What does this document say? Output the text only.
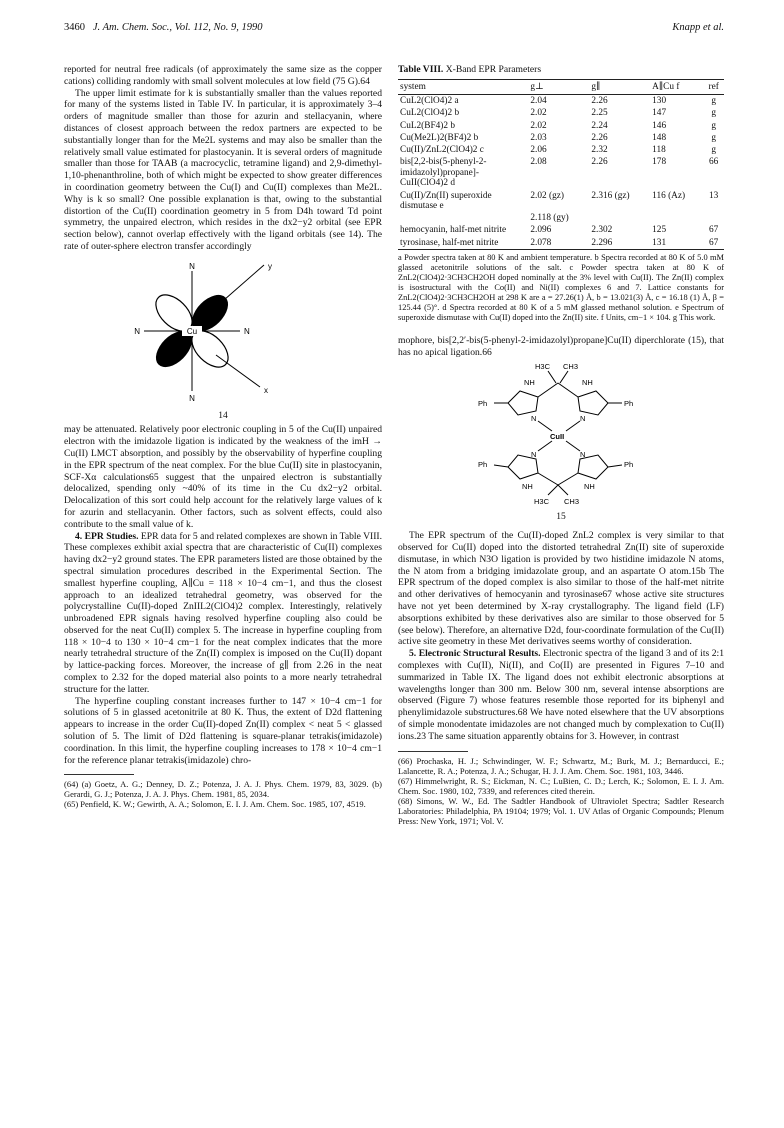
3460 J. Am. Chem. Soc., Vol. 112, No. 9, 1990	Knapp et al.

reported for neutral free radicals (of approximately the same size as the copper cations) colliding randomly with small solvent molecules at low field (75 G).64

The upper limit estimate for k is substantially smaller than the values reported for many of the systems listed in Table IV. In particular, it is approximately 3–4 orders of magnitude smaller than those for azurin and stellacyanin, where distances of closest approach between the redox partners are expected to be substantially longer than for the Me2L systems and may also be smaller than the relatively small value estimated for plastocyanin. It is several orders of magnitude smaller than those for TAAB (a macrocyclic, tetramine ligand) and 2,9-dimethyl-1,10-phenanthroline, both of which might be expected to show greater differences in coordination geometry between the Cu(I) and Cu(II) complexes than Me2L. Why is k so small? One possible explanation is that, owing to the substantial distortion of the Cu(II) coordination geometry in 5 from D4h toward Td point symmetry, the unpaired electron, which resides in the dx2−y2 orbital (see EPR section below), cannot overlap effectively with the ligand orbitals (see 14). The rate of outer-sphere electron transfer accordingly

Cu
N
N
N	N
y
x
14

may be attenuated. Relatively poor electronic coupling in 5 of the Cu(II) unpaired electron with the imidazole ligation is indicated by the weakness of the imH → Cu(II) LMCT absorption, and possibly by the observability of hyperfine coupling in the EPR spectrum of the neat complex. For the blue Cu(II) site in plastocyanin, SCF-Xα calculations65 suggest that the unpaired electron is substantially delocalized, spending only ~40% of its time in the Cu dx2−y2 orbital. Delocalization of this sort could help account for the relatively large values of k for azurin and stellacyanin. Other factors, such as solvent effects, could also contribute to the small value of k.

4. EPR Studies. EPR data for 5 and related complexes are shown in Table VIII. These complexes exhibit axial spectra that are characteristic of Cu(II) complexes having dx2−y2 ground states. The EPR parameters listed are those obtained by the spectral simulation procedures described in the Experimental Section. The smallest hyperfine coupling, A∥Cu = 118 × 10−4 cm−1, and thus the closest approach to an idealized tetrahedral geometry, was observed for the polycrystalline Cu(II)-doped ZnIIL2(ClO4)2 complex. Interestingly, relatively unbroadened EPR signals having resolved hyperfine coupling also could be observed for the neat Cu(II) complex 5. The increase in hyperfine coupling from 118 × 10−4 to 130 × 10−4 cm−1 for the neat complex indicates that the more nearly tetrahedral structure of the Zn(II) complex is imposed on the Cu(II) dopant by lattice-packing forces. Moreover, the increase of g∥ from 2.26 in the neat complex to 2.32 for the doped material also points to a more nearly tetrahedral structure for the latter.

The hyperfine coupling constant increases further to 147 × 10−4 cm−1 for solutions of 5 in glassed acetonitrile at 80 K. Thus, the extent of D2d flattening appears to increase in the order Cu(II)-doped Zn(II) complex < neat 5 < glassed solution of 5. The limit of D2d flattening is square-planar tetrakis(imidazole) coordination. In this limit, the hyperfine coupling increases to 178 × 10−4 cm−1 for the reference planar tetrakis(imidazole) chro-

(64) (a) Goetz, A. G.; Denney, D. Z.; Potenza, J. A. J. Phys. Chem. 1979, 83, 3029. (b) Gerardi, G. J.; Potenza, J. A. J. Phys. Chem. 1981, 85, 2034.
(65) Penfield, K. W.; Gewirth, A. A.; Solomon, E. I. J. Am. Chem. Soc. 1985, 107, 4519.
Table VIII. X-Band EPR Parameters
system	g⊥	g∥	A∥Cu f	ref
CuL2(ClO4)2 a	2.04	2.26	130	g
CuL2(ClO4)2 b	2.02	2.25	147	g
CuL2(BF4)2 b	2.02	2.24	146	g
Cu(Me2L)2(BF4)2 b	2.03	2.26	148	g
Cu(II)/ZnL2(ClO4)2 c	2.06	2.32	118	g
bis[2,2-bis(5-phenyl-2-imidazolyl)propane]-CuII(ClO4)2 d	2.08	2.26	178	66
Cu(II)/Zn(II) superoxide dismutase e	2.02 (gz)	2.316 (gz)	116 (Az)	13
	2.118 (gy)			
hemocyanin, half-met nitrite	2.096	2.302	125	67
tyrosinase, half-met nitrite	2.078	2.296	131	67
a Powder spectra taken at 80 K and ambient temperature. b Spectra recorded at 80 K of 5.0 mM glassed acetonitrile solutions of the salt. c Powder spectra taken at 80 K of ZnL2(ClO4)2·3CH3CH2OH doped nominally at the 3% level with Cu(II). The Zn(II) complex is isostructural with the Co(II) and Ni(II) complexes 6 and 7. Lattice constants for ZnL2(ClO4)2·3CH3CH2OH at 298 K are a = 27.26(1) Å, b = 13.021(3) Å, c = 16.18 (1) Å, β = 125.44 (5)°. d Spectra recorded at 80 K of a 5 mM glassed methanol solution. e Spectrum of superoxide dismutase with Cu(II) doped into the Zn(II) site. f Units, cm−1 × 104. g This work.

mophore, bis[2,2′-bis(5-phenyl-2-imidazolyl)propane]Cu(II) diperchlorate (15), that has no apical ligation.66

H3C CH3
NH	NH
Ph	Ph
N	N
CuII
N	N
Ph	Ph
NH	NH
H3C CH3
15

The EPR spectrum of the Cu(II)-doped ZnL2 complex is very similar to that observed for Cu(II) doped into the distorted tetrahedral Zn(II) site of superoxide dismutase, in which N3O ligation is provided by two histidine imidazole N atoms, the N atom from a bridging imidazolate group, and an aspartate O atom.15b The EPR spectrum of the doped complex is also similar to those of the half-met nitrite and other derivatives of hemocyanin and tyrosinase67 whose active site structures have not yet been determined by X-ray crystallography. The ligand field (LF) absorptions exhibited by these derivatives also are similar to those observed for 5 (see below). Therefore, an alternative D2d, four-coordinate formulation of the Cu(II) active site geometry in these Met derivatives seems worthy of consideration.

5. Electronic Structural Results. Electronic spectra of the ligand 3 and of its 2:1 complexes with Cu(II), Ni(II), and Co(II) are presented in Figures 7–10 and summarized in Table IX. The ligand does not exhibit electronic absorptions at wavelengths longer than 300 nm. Below 300 nm, several intense absorptions are observed (Figure 7) whose features resemble those reported for its biphenyl and phenylimidazole substructures.68 We have noted elsewhere that the UV absorptions of simple monodentate imidazoles are not changed much by complexation to Cu(II) ions.23 The same situation apparently obtains for 3. However, in contrast

(66) Prochaska, H. J.; Schwindinger, W. F.; Schwartz, M.; Burk, M. J.; Bernarducci, E.; Lalancette, R. A.; Potenza, J. A.; Schugar, H. J. J. Am. Chem. Soc. 1981, 103, 3446.
(67) Himmelwright, R. S.; Eickman, N. C.; LuBien, C. D.; Lerch, K.; Solomon, E. I. J. Am. Chem. Soc. 1980, 102, 7339, and references cited therein.
(68) Simons, W. W., Ed. The Sadtler Handbook of Ultraviolet Spectra; Sadtler Research Laboratories: Philadelphia, PA 19104; 1979; Vol. 1. UV Atlas of Organic Compounds; Plenum Press: New York, 1971; Vol. V.
